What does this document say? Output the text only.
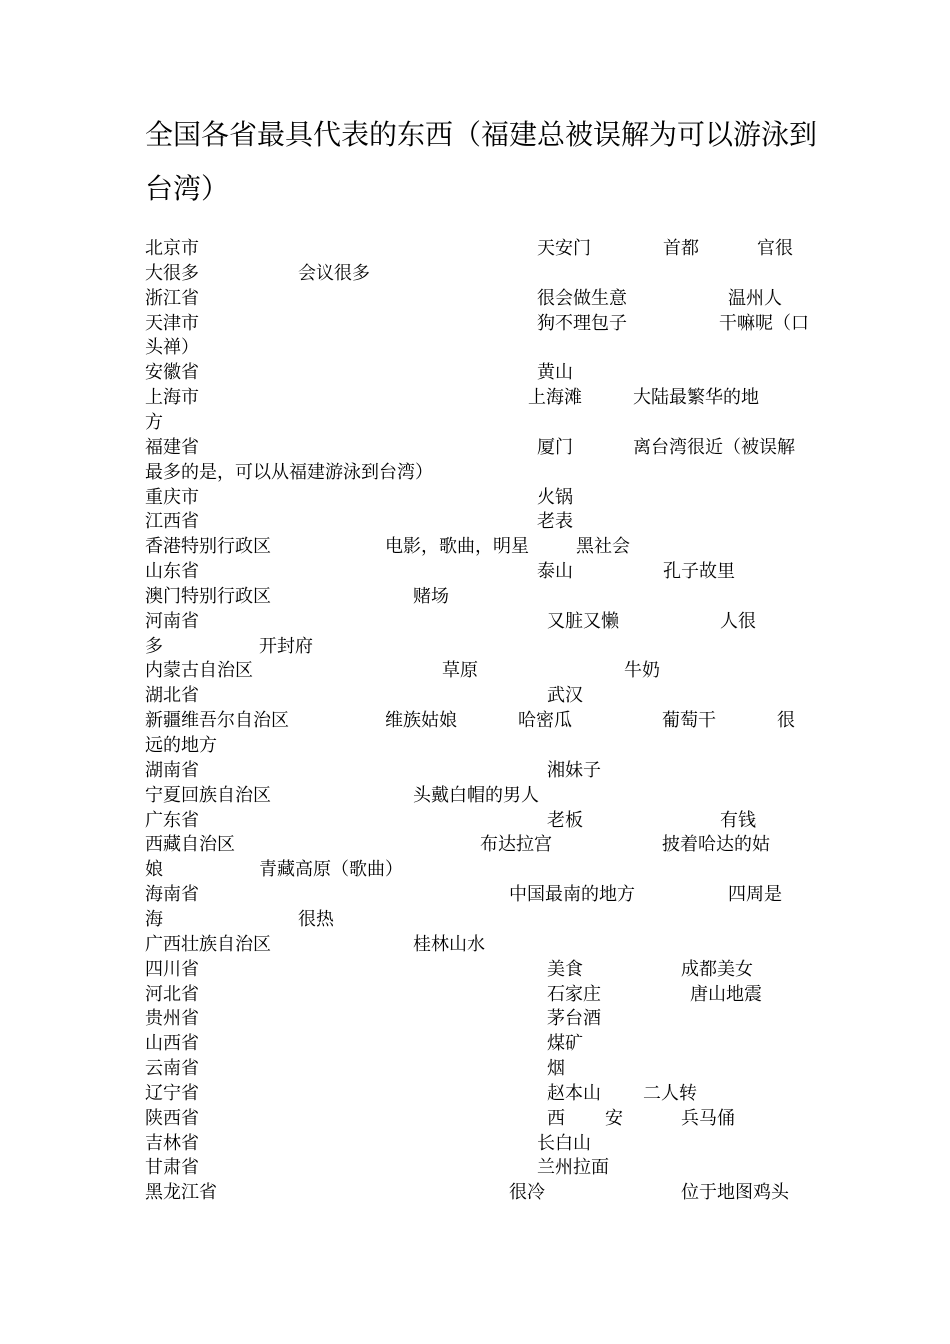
全国各省最具代表的东西（福建总被误解为可以游泳到台湾）
北京市	天安门	首都	官很
大很多	会议很多
浙江省	很会做生意	温州人
天津市	狗不理包子	干嘛呢（口
头禅）
安徽省	黄山
上海市	上海滩	大陆最繁华的地
方
福建省	厦门	离台湾很近（被误解
最多的是，可以从福建游泳到台湾）
重庆市	火锅
江西省	老表
香港特别行政区	电影，歌曲，明星	黑社会
山东省	泰山	孔子故里
澳门特别行政区	赌场
河南省	又脏又懒	人很
多	开封府
内蒙古自治区	草原	牛奶
湖北省	武汉
新疆维吾尔自治区	维族姑娘	哈密瓜	葡萄干	很
远的地方
湖南省	湘妹子
宁夏回族自治区	头戴白帽的男人
广东省	老板	有钱
西藏自治区	布达拉宫	披着哈达的姑
娘	青藏高原（歌曲）
海南省	中国最南的地方	四周是
海	很热
广西壮族自治区	桂林山水
四川省	美食	成都美女
河北省	石家庄	唐山地震
贵州省	茅台酒
山西省	煤矿
云南省	烟
辽宁省	赵本山 二人转
陕西省	西 安	兵马俑
吉林省	长白山
甘肃省	兰州拉面
黑龙江省	很冷	位于地图鸡头
